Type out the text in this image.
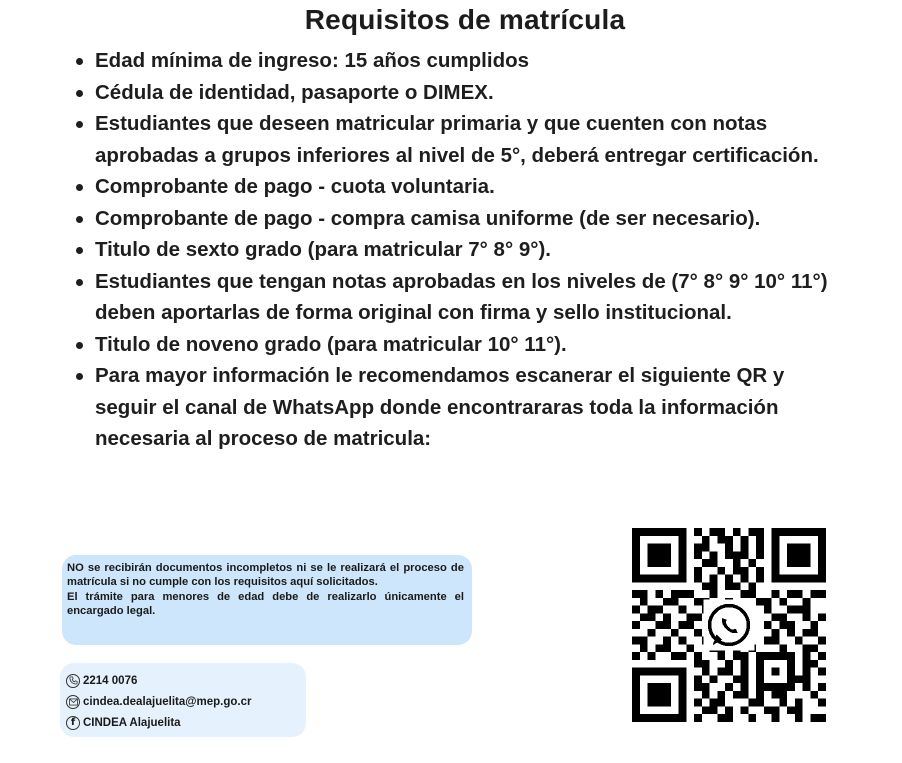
Requisitos de matrícula
Edad mínima de ingreso: 15 años cumplidos
Cédula de identidad, pasaporte o DIMEX.
Estudiantes que deseen matricular primaria y que cuenten con notas aprobadas a grupos inferiores al nivel de 5°, deberá entregar certificación.
Comprobante de pago - cuota voluntaria.
Comprobante de pago - compra camisa uniforme (de ser necesario).
Titulo de sexto grado (para matricular 7° 8° 9°).
Estudiantes que tengan notas aprobadas en los niveles de (7° 8° 9° 10° 11°) deben aportarlas de forma original con firma y sello institucional.
Titulo de noveno grado (para matricular 10° 11°).
Para mayor información le recomendamos escanerar el siguiente QR y seguir el canal de WhatsApp donde encontrararas toda la información necesaria al proceso de matricula:

NO se recibirán documentos incompletos ni se le realizará el proceso de matrícula si no cumple con los requisitos aquí solicitados.

El trámite para menores de edad debe de realizarlo únicamente el encargado legal.

2214 0076
cindea.dealajuelita@mep.go.cr
f CINDEA Alajuelita
